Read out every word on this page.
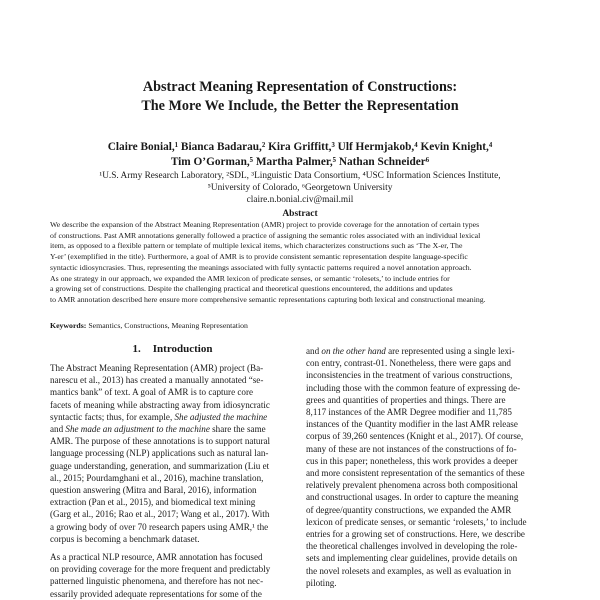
Abstract Meaning Representation of Constructions:
The More We Include, the Better the Representation
Claire Bonial,¹ Bianca Badarau,² Kira Griffitt,³ Ulf Hermjakob,⁴ Kevin Knight,⁴
Tim O’Gorman,⁵ Martha Palmer,⁵ Nathan Schneider⁶
¹U.S. Army Research Laboratory, ²SDL, ³Linguistic Data Consortium, ⁴USC Information Sciences Institute,
⁵University of Colorado, ⁶Georgetown University
claire.n.bonial.civ@mail.mil
Abstract
We describe the expansion of the Abstract Meaning Representation (AMR) project to provide coverage for the annotation of certain types
of constructions. Past AMR annotations generally followed a practice of assigning the semantic roles associated with an individual lexical
item, as opposed to a flexible pattern or template of multiple lexical items, which characterizes constructions such as ‘The X-er, The
Y-er’ (exemplified in the title). Furthermore, a goal of AMR is to provide consistent semantic representation despite language-specific
syntactic idiosyncrasies. Thus, representing the meanings associated with fully syntactic patterns required a novel annotation approach.
As one strategy in our approach, we expanded the AMR lexicon of predicate senses, or semantic ‘rolesets,’ to include entries for
a growing set of constructions. Despite the challenging practical and theoretical questions encountered, the additions and updates
to AMR annotation described here ensure more comprehensive semantic representations capturing both lexical and constructional meaning.
Keywords: Semantics, Constructions, Meaning Representation
1. Introduction
The Abstract Meaning Representation (AMR) project (Ba-
narescu et al., 2013) has created a manually annotated “se-
mantics bank” of text. A goal of AMR is to capture core
facets of meaning while abstracting away from idiosyncratic
syntactic facts; thus, for example, She adjusted the machine
and She made an adjustment to the machine share the same
AMR. The purpose of these annotations is to support natural
language processing (NLP) applications such as natural lan-
guage understanding, generation, and summarization (Liu et
al., 2015; Pourdamghani et al., 2016), machine translation,
question answering (Mitra and Baral, 2016), information
extraction (Pan et al., 2015), and biomedical text mining
(Garg et al., 2016; Rao et al., 2017; Wang et al., 2017). With
a growing body of over 70 research papers using AMR,¹ the
corpus is becoming a benchmark dataset.
As a practical NLP resource, AMR annotation has focused
on providing coverage for the more frequent and predictably
patterned linguistic phenomena, and therefore has not nec-
essarily provided adequate representations for some of the
and on the other hand are represented using a single lexi-
con entry, contrast-01. Nonetheless, there were gaps and
inconsistencies in the treatment of various constructions,
including those with the common feature of expressing de-
grees and quantities of properties and things. There are
8,117 instances of the AMR Degree modifier and 11,785
instances of the Quantity modifier in the last AMR release
corpus of 39,260 sentences (Knight et al., 2017). Of course,
many of these are not instances of the constructions of fo-
cus in this paper; nonetheless, this work provides a deeper
and more consistent representation of the semantics of these
relatively prevalent phenomena across both compositional
and constructional usages. In order to capture the meaning
of degree/quantity constructions, we expanded the AMR
lexicon of predicate senses, or semantic ‘rolesets,’ to include
entries for a growing set of constructions. Here, we describe
the theoretical challenges involved in developing the role-
sets and implementing clear guidelines, provide details on
the novel rolesets and examples, as well as evaluation in
piloting.
